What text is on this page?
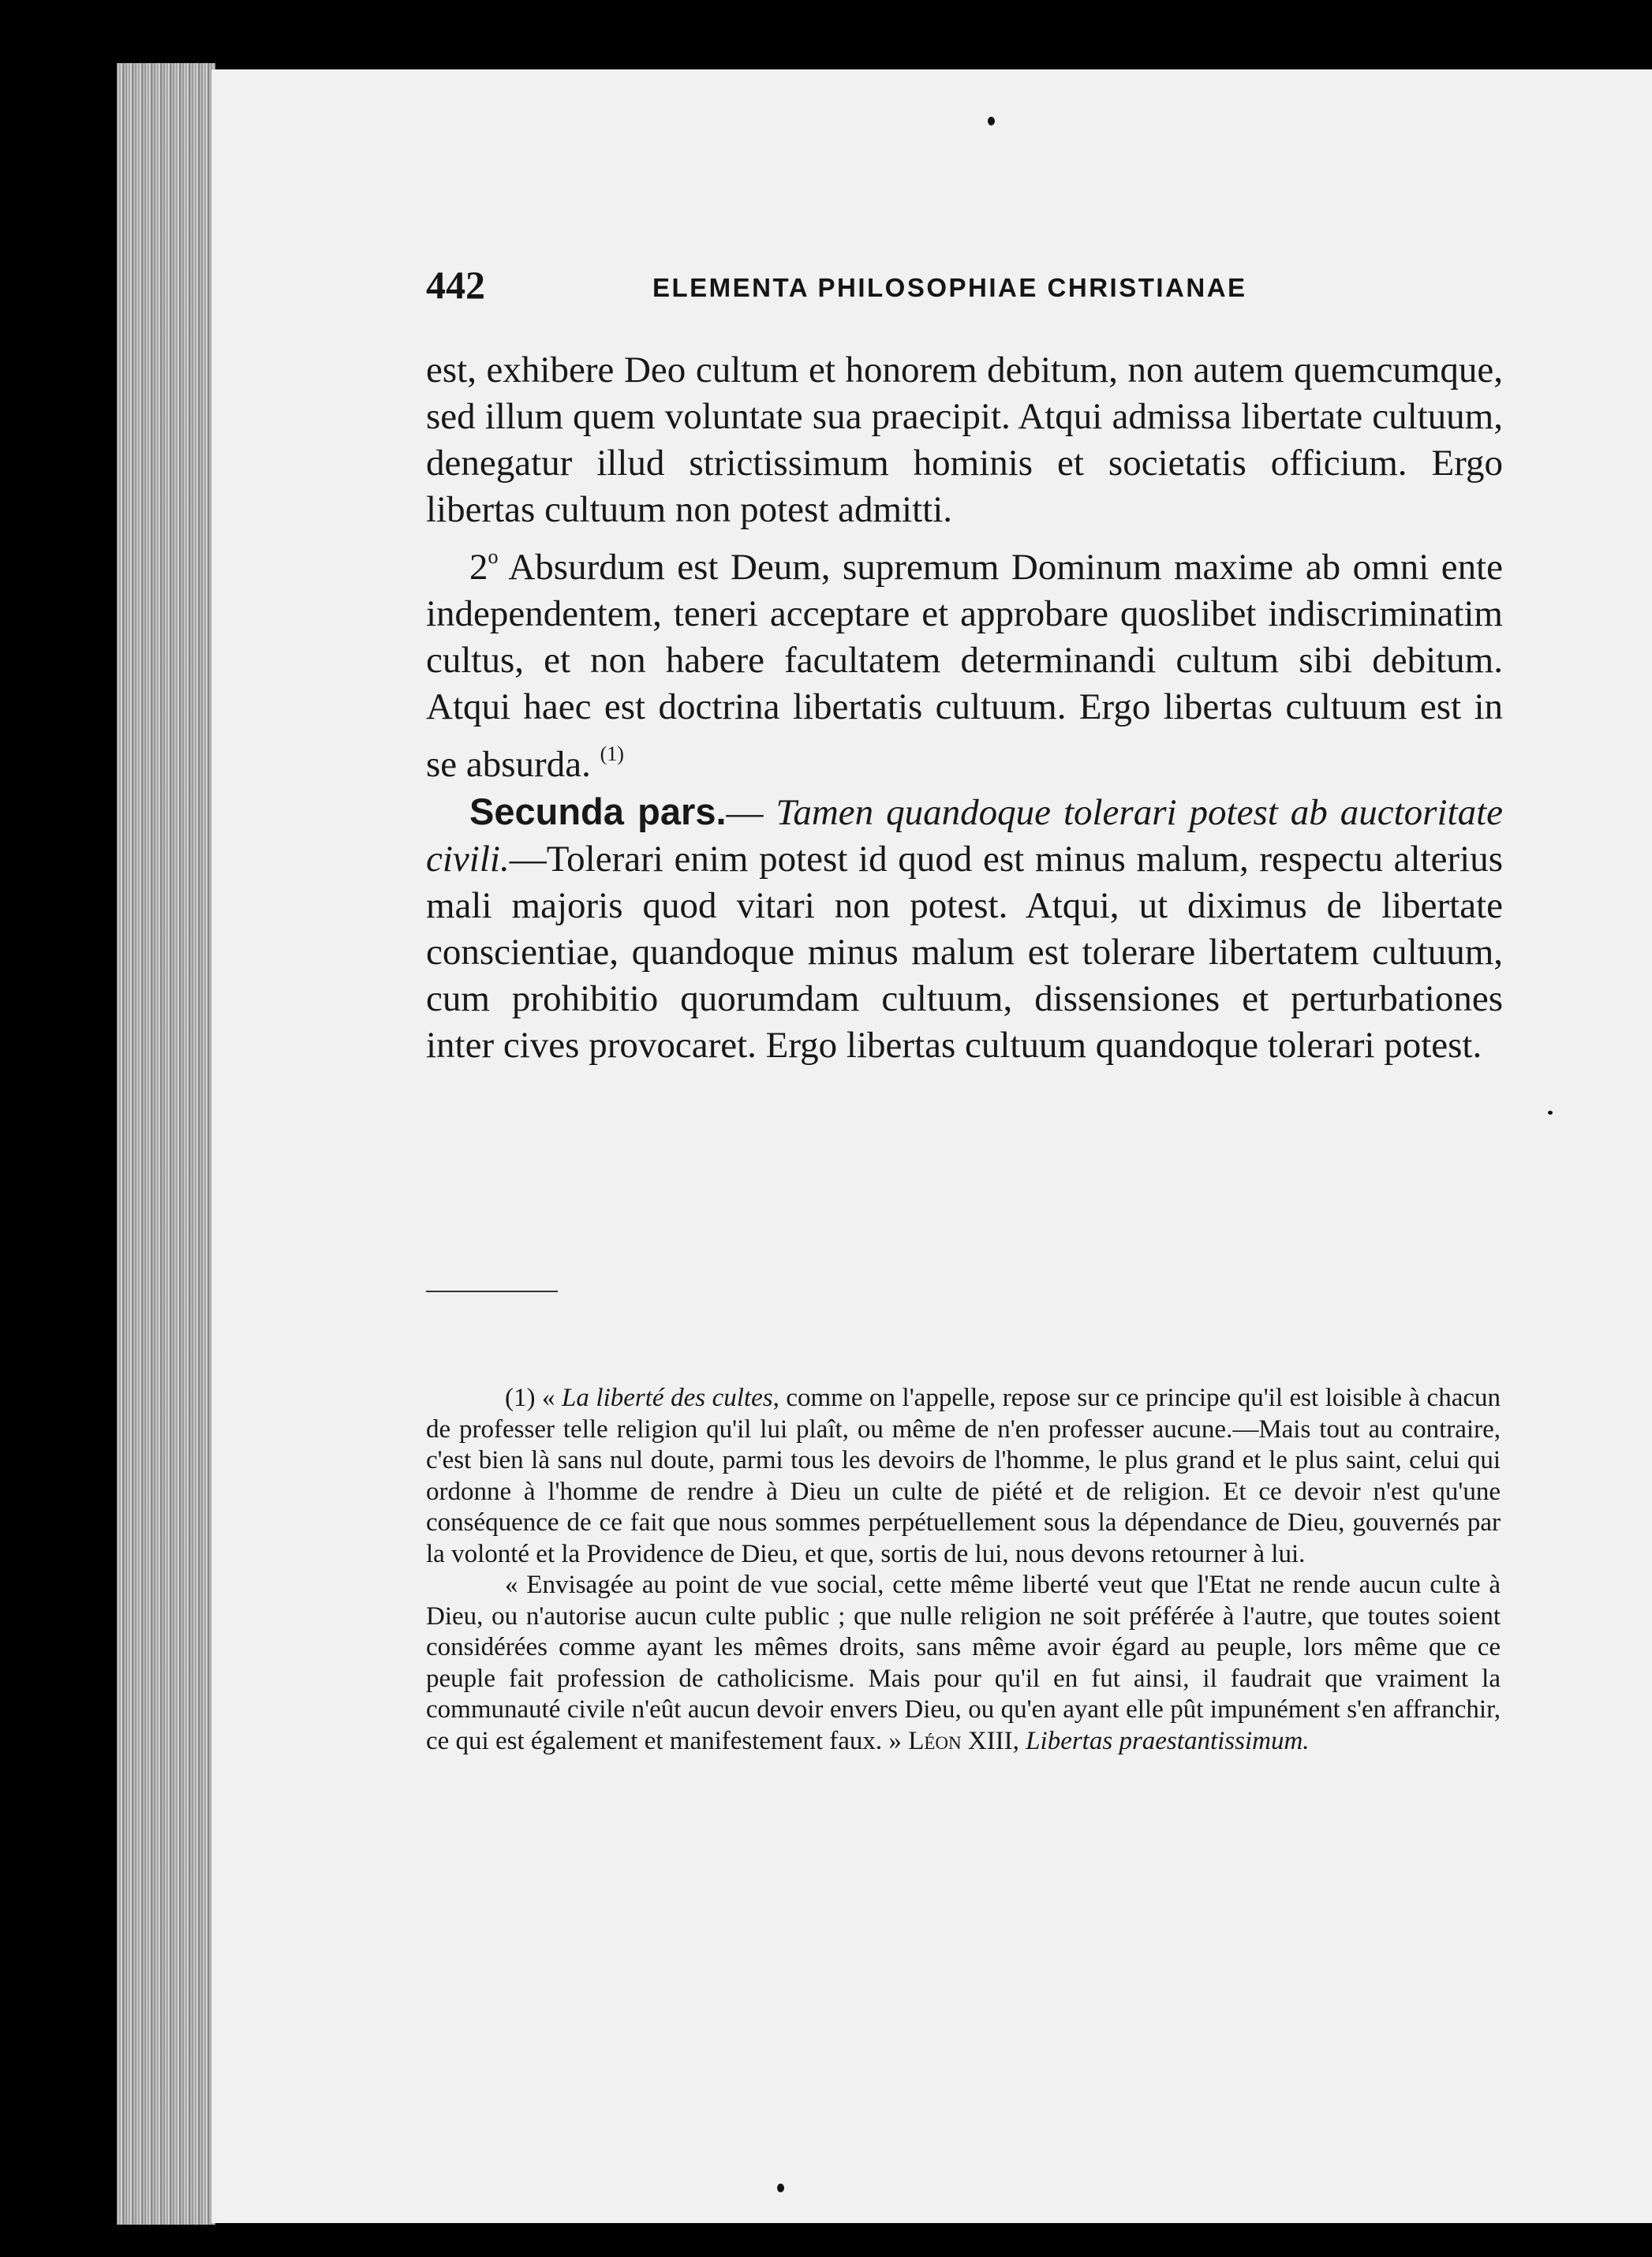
442	ELEMENTA PHILOSOPHIAE CHRISTIANAE

est, exhibere Deo cultum et honorem debitum, non autem quemcumque, sed illum quem voluntate sua praecipit. Atqui admissa libertate cultuum, denegatur illud strictissimum hominis et societatis officium. Ergo libertas cultuum non potest admitti.

2$^o$ Absurdum est Deum, supremum Dominum maxime ab omni ente independentem, teneri acceptare et approbare quoslibet indiscriminatim cultus, et non habere facultatem determinandi cultum sibi debitum. Atqui haec est doctrina libertatis cultuum. Ergo libertas cultuum est in se absurda. $^{(1)}$

Secunda pars.— Tamen quandoque tolerari potest ab auctoritate civili.—Tolerari enim potest id quod est minus malum, respectu alterius mali majoris quod vitari non potest. Atqui, ut diximus de libertate conscientiae, quandoque minus malum est tolerare libertatem cultuum, cum prohibitio quorumdam cultuum, dissensiones et perturbationes inter cives provocaret. Ergo libertas cultuum quandoque tolerari potest.

(1) « La liberté des cultes, comme on l'appelle, repose sur ce principe qu'il est loisible à chacun de professer telle religion qu'il lui plaît, ou même de n'en professer aucune.—Mais tout au contraire, c'est bien là sans nul doute, parmi tous les devoirs de l'homme, le plus grand et le plus saint, celui qui ordonne à l'homme de rendre à Dieu un culte de piété et de religion. Et ce devoir n'est qu'une conséquence de ce fait que nous sommes perpétuellement sous la dépendance de Dieu, gouvernés par la volonté et la Providence de Dieu, et que, sortis de lui, nous devons retourner à lui.

« Envisagée au point de vue social, cette même liberté veut que l'Etat ne rende aucun culte à Dieu, ou n'autorise aucun culte public ; que nulle religion ne soit préférée à l'autre, que toutes soient considérées comme ayant les mêmes droits, sans même avoir égard au peuple, lors même que ce peuple fait profession de catholicisme. Mais pour qu'il en fut ainsi, il faudrait que vraiment la communauté civile n'eût aucun devoir envers Dieu, ou qu'en ayant elle pût impunément s'en affranchir, ce qui est également et manifestement faux. » Léon XIII, Libertas praestantissimum.
